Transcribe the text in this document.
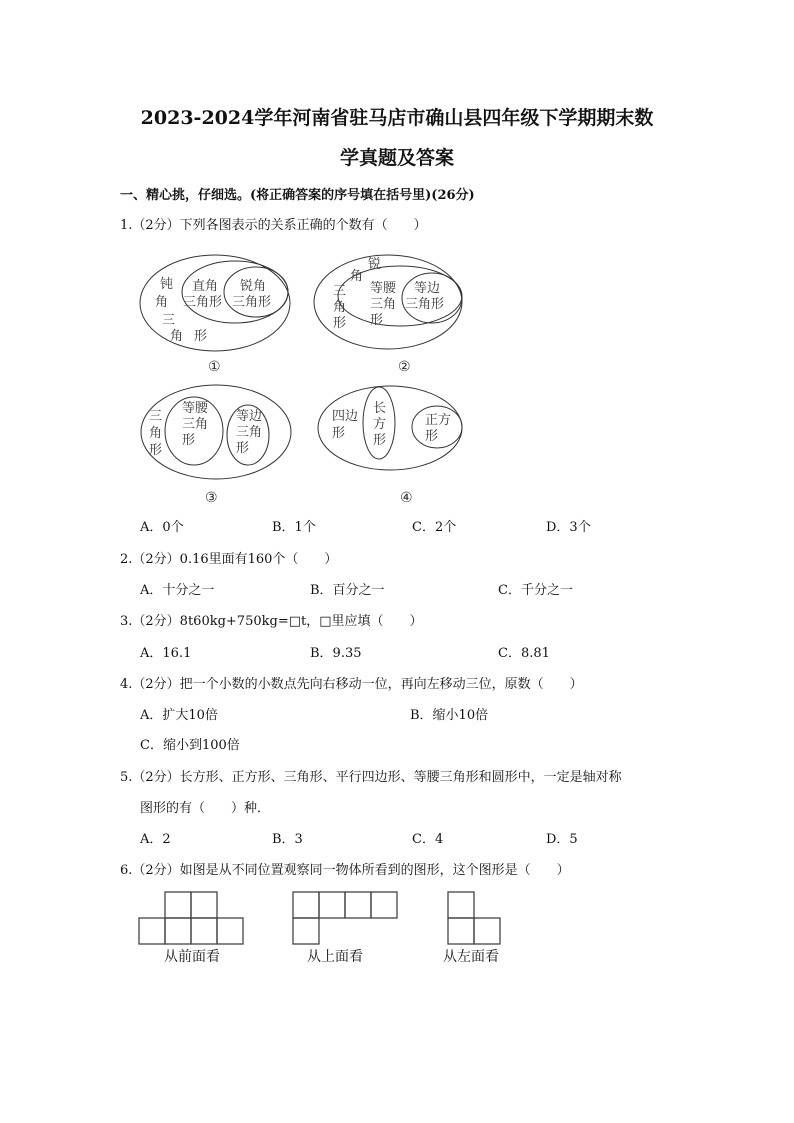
2023-2024学年河南省驻马店市确山县四年级下学期期末数
学真题及答案
一、精心挑，仔细选。(将正确答案的序号填在括号里)(26分)
1.（2分）下列各图表示的关系正确的个数有（　　）
钝
角
三
角 形
直角
三角形
锐角
三角形
①
锐
角
三
角
形
等腰
三角
形
等边
三角形
②
三
角
形
等腰
三角
形
等边
三角
形
③
四边
形
长
方
形
正方
形
④
A．0个	B．1个	C．2个	D．3个
2.（2分）0.16里面有160个（　　）
A．十分之一	B．百分之一	C．千分之一
3.（2分）8t60kg+750kg=□t，□里应填（　　）
A．16.1	B．9.35	C．8.81
4.（2分）把一个小数的小数点先向右移动一位，再向左移动三位，原数（　　）
A．扩大10倍	B．缩小10倍
C．缩小到100倍
5.（2分）长方形、正方形、三角形、平行四边形、等腰三角形和圆形中，一定是轴对称
图形的有（　　）种．
A．2	B．3	C．4	D．5
6.（2分）如图是从不同位置观察同一物体所看到的图形，这个图形是（　　）
从前面看	从上面看	从左面看
